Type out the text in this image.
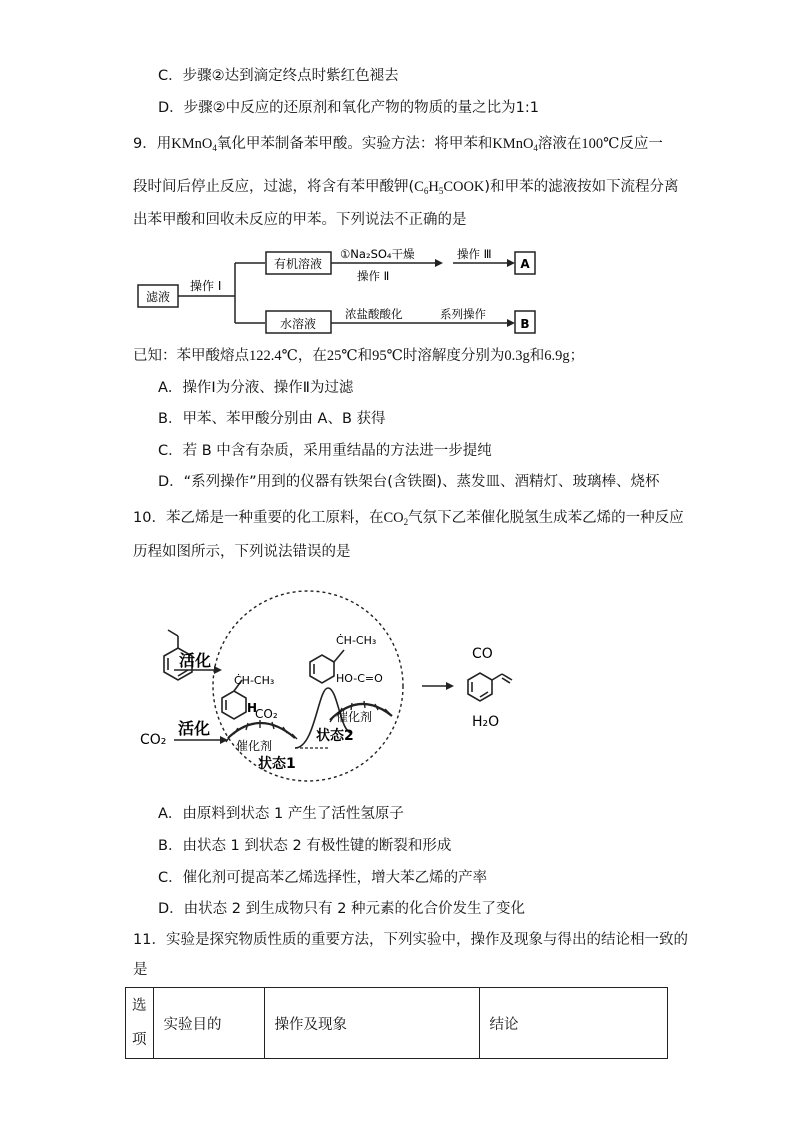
C．步骤②达到滴定终点时紫红色褪去
D．步骤②中反应的还原剂和氧化产物的物质的量之比为1:1
9．用KMnO$_4$氧化甲苯制备苯甲酸。实验方法：将甲苯和KMnO$_4$溶液在100℃反应一
段时间后停止反应，过滤，将含有苯甲酸钾$(C_6H_5COOK)$和甲苯的滤液按如下流程分离
出苯甲酸和回收未反应的甲苯。下列说法不正确的是
滤液
操作 I
有机溶液
水溶液
①Na₂SO₄干燥
操作 Ⅱ
操作 Ⅲ
浓盐酸酸化	系列操作
A
B
已知：苯甲酸熔点122.4℃，在25℃和95℃时溶解度分别为0.3g和6.9g；
A．操作Ⅰ为分液、操作Ⅱ为过滤
B．甲苯、苯甲酸分别由 A、B 获得
C．若 B 中含有杂质，采用重结晶的方法进一步提纯
D．“系列操作”用到的仪器有铁架台(含铁圈)、蒸发皿、酒精灯、玻璃棒、烧杯
10．苯乙烯是一种重要的化工原料，在$CO_2$气氛下乙苯催化脱氢生成苯乙烯的一种反应
历程如图所示，下列说法错误的是
活化
CO₂
活化
ĊH-CH₃
H
CO₂
催化剂
状态1
ĊH-CH₃
HO-C=O
催化剂
状态2
CO
H₂O
A．由原料到状态 1 产生了活性氢原子
B．由状态 1 到状态 2 有极性键的断裂和形成
C．催化剂可提高苯乙烯选择性，增大苯乙烯的产率
D．由状态 2 到生成物只有 2 种元素的化合价发生了变化
11．实验是探究物质性质的重要方法，下列实验中，操作及现象与得出的结论相一致的
是
选项	实验目的	操作及现象	结论
